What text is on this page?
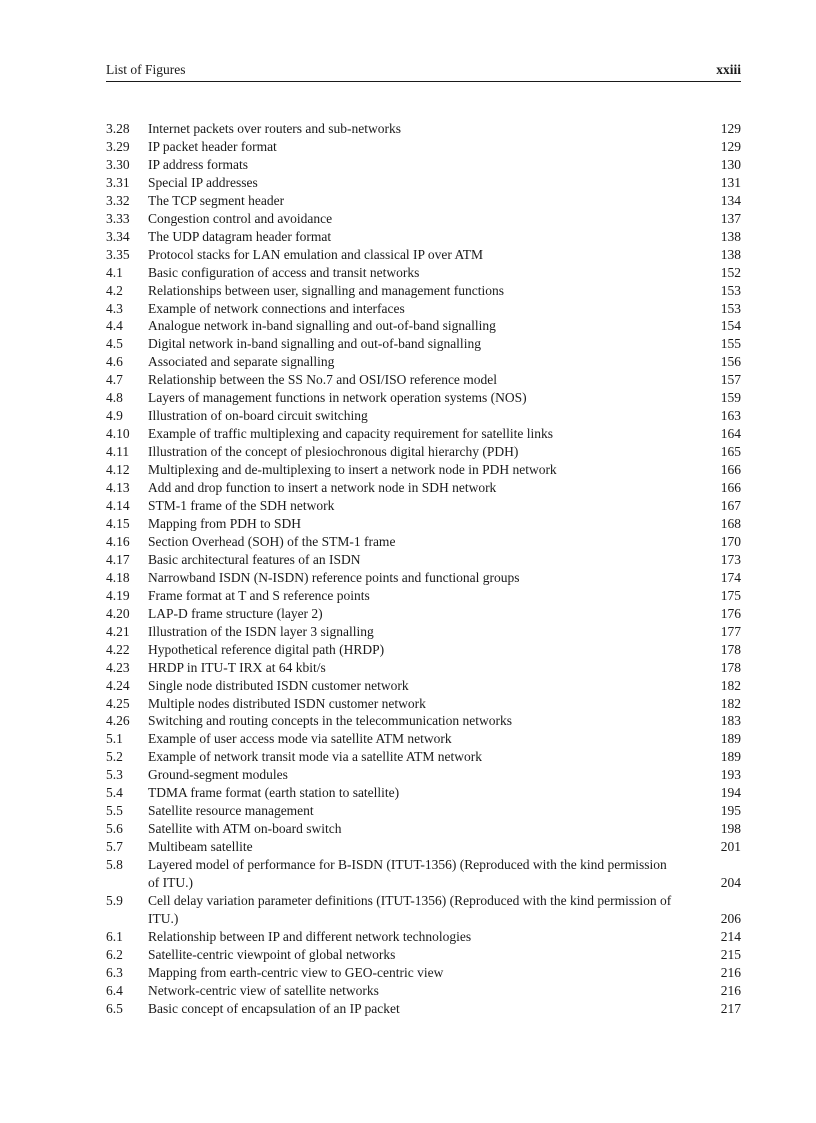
List of Figures	xxiii
3.28 Internet packets over routers and sub-networks	129
3.29 IP packet header format	129
3.30 IP address formats	130
3.31 Special IP addresses	131
3.32 The TCP segment header	134
3.33 Congestion control and avoidance	137
3.34 The UDP datagram header format	138
3.35 Protocol stacks for LAN emulation and classical IP over ATM	138
4.1 Basic configuration of access and transit networks	152
4.2 Relationships between user, signalling and management functions	153
4.3 Example of network connections and interfaces	153
4.4 Analogue network in-band signalling and out-of-band signalling	154
4.5 Digital network in-band signalling and out-of-band signalling	155
4.6 Associated and separate signalling	156
4.7 Relationship between the SS No.7 and OSI/ISO reference model	157
4.8 Layers of management functions in network operation systems (NOS)	159
4.9 Illustration of on-board circuit switching	163
4.10 Example of traffic multiplexing and capacity requirement for satellite links	164
4.11 Illustration of the concept of plesiochronous digital hierarchy (PDH)	165
4.12 Multiplexing and de-multiplexing to insert a network node in PDH network	166
4.13 Add and drop function to insert a network node in SDH network	166
4.14 STM-1 frame of the SDH network	167
4.15 Mapping from PDH to SDH	168
4.16 Section Overhead (SOH) of the STM-1 frame	170
4.17 Basic architectural features of an ISDN	173
4.18 Narrowband ISDN (N-ISDN) reference points and functional groups	174
4.19 Frame format at T and S reference points	175
4.20 LAP-D frame structure (layer 2)	176
4.21 Illustration of the ISDN layer 3 signalling	177
4.22 Hypothetical reference digital path (HRDP)	178
4.23 HRDP in ITU-T IRX at 64 kbit/s	178
4.24 Single node distributed ISDN customer network	182
4.25 Multiple nodes distributed ISDN customer network	182
4.26 Switching and routing concepts in the telecommunication networks	183
5.1 Example of user access mode via satellite ATM network	189
5.2 Example of network transit mode via a satellite ATM network	189
5.3 Ground-segment modules	193
5.4 TDMA frame format (earth station to satellite)	194
5.5 Satellite resource management	195
5.6 Satellite with ATM on-board switch	198
5.7 Multibeam satellite	201
5.8 Layered model of performance for B-ISDN (ITUT-1356) (Reproduced with the kind permission of ITU.)	204
5.9 Cell delay variation parameter definitions (ITUT-1356) (Reproduced with the kind permission of ITU.)	206
6.1 Relationship between IP and different network technologies	214
6.2 Satellite-centric viewpoint of global networks	215
6.3 Mapping from earth-centric view to GEO-centric view	216
6.4 Network-centric view of satellite networks	216
6.5 Basic concept of encapsulation of an IP packet	217
